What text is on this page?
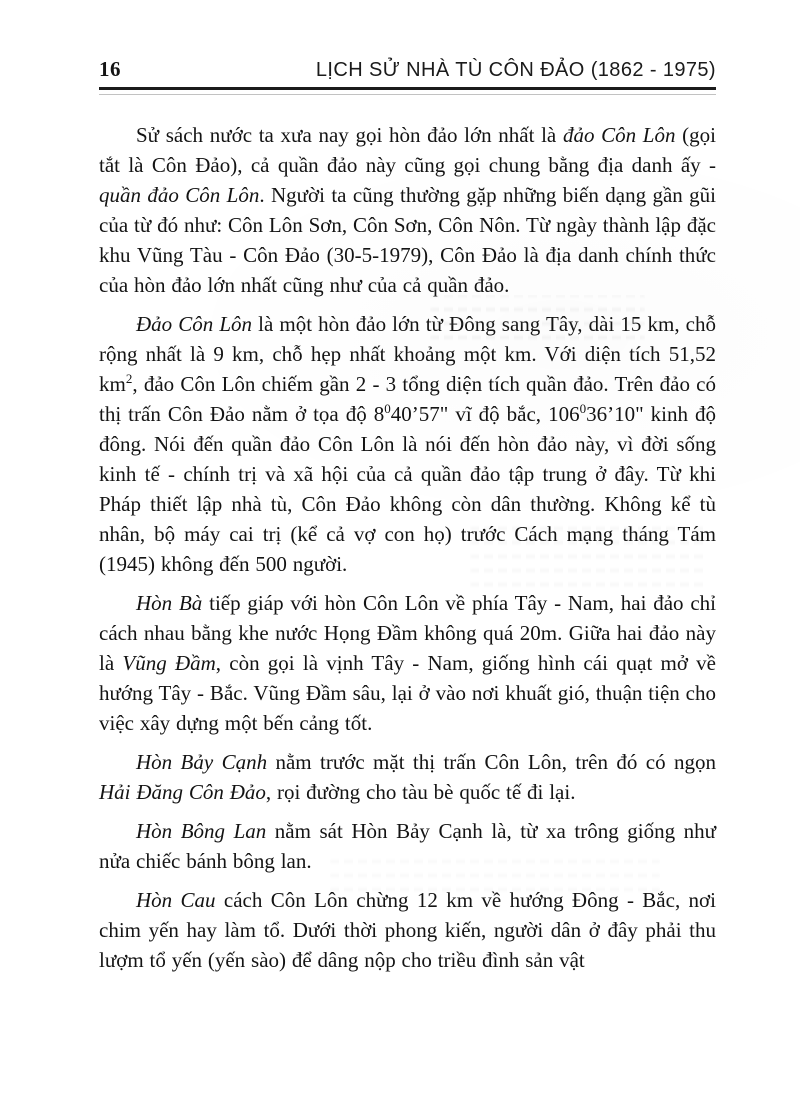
16	LỊCH SỬ NHÀ TÙ CÔN ĐẢO (1862 - 1975)

Sử sách nước ta xưa nay gọi hòn đảo lớn nhất là đảo Côn Lôn (gọi tắt là Côn Đảo), cả quần đảo này cũng gọi chung bằng địa danh ấy - quần đảo Côn Lôn. Người ta cũng thường gặp những biến dạng gần gũi của từ đó như: Côn Lôn Sơn, Côn Sơn, Côn Nôn. Từ ngày thành lập đặc khu Vũng Tàu - Côn Đảo (30-5-1979), Côn Đảo là địa danh chính thức của hòn đảo lớn nhất cũng như của cả quần đảo.

Đảo Côn Lôn là một hòn đảo lớn từ Đông sang Tây, dài 15 km, chỗ rộng nhất là 9 km, chỗ hẹp nhất khoảng một km. Với diện tích 51,52 $km^2$, đảo Côn Lôn chiếm gần 2 - 3 tổng diện tích quần đảo. Trên đảo có thị trấn Côn Đảo nằm ở tọa độ $8^040’57$" vĩ độ bắc, $106^036’10$" kinh độ đông. Nói đến quần đảo Côn Lôn là nói đến hòn đảo này, vì đời sống kinh tế - chính trị và xã hội của cả quần đảo tập trung ở đây. Từ khi Pháp thiết lập nhà tù, Côn Đảo không còn dân thường. Không kể tù nhân, bộ máy cai trị (kể cả vợ con họ) trước Cách mạng tháng Tám (1945) không đến 500 người.

Hòn Bà tiếp giáp với hòn Côn Lôn về phía Tây - Nam, hai đảo chỉ cách nhau bằng khe nước Họng Đầm không quá 20m. Giữa hai đảo này là Vũng Đầm, còn gọi là vịnh Tây - Nam, giống hình cái quạt mở về hướng Tây - Bắc. Vũng Đầm sâu, lại ở vào nơi khuất gió, thuận tiện cho việc xây dựng một bến cảng tốt.

Hòn Bảy Cạnh nằm trước mặt thị trấn Côn Lôn, trên đó có ngọn Hải Đăng Côn Đảo, rọi đường cho tàu bè quốc tế đi lại.

Hòn Bông Lan nằm sát Hòn Bảy Cạnh là, từ xa trông giống như nửa chiếc bánh bông lan.

Hòn Cau cách Côn Lôn chừng 12 km về hướng Đông - Bắc, nơi chim yến hay làm tổ. Dưới thời phong kiến, người dân ở đây phải thu lượm tổ yến (yến sào) để dâng nộp cho triều đình sản vật
